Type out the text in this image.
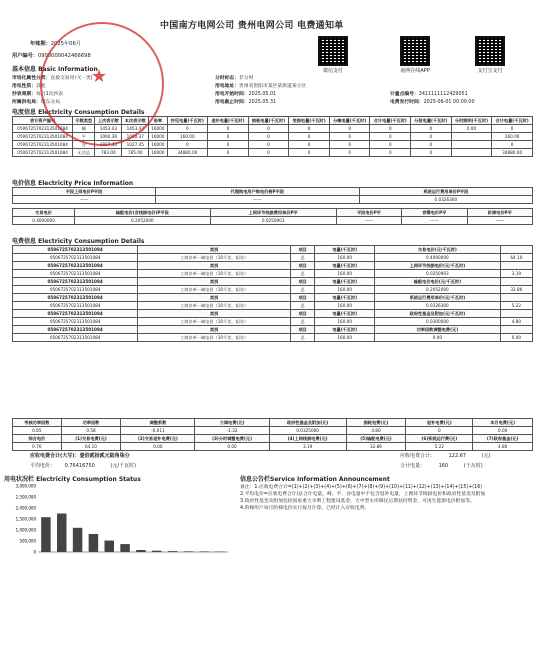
中国南方电网公司 贵州电网公司 电费通知单
年账期：2025年06月
用户编号：0900000042466698
微信支付	南网在线APP	支付宝支付
基本信息 Basic Information
市场化属性分类：直接交易用户(一类)
用电性质：其他
抄表周期：每月1次抄表
所属供电局：城东分局
分时标志：非分时
用电地址：贵州省贵阳市某区某街道某小区
用电开始时间：2025.05.01
用电截止时间：2025.05.31
计量点编号：3411111112429051
电费发行时间：2025-06-01 00:00:00
电度信息 Electricity Consumption Details
表计资产编号	示数类型	上次表示数	本次表示数	倍率	抄见电量(千瓦时)	退补电量(千瓦时)	损耗电量(千瓦时)	变损电量(千瓦时)	分摊电量(千瓦时)	合计电量(千瓦时)	分段电量(千瓦时)	分时照明(千瓦时)	合计电量(千瓦时)
0506725702313501084	峰	1453.43	1453.43	16000	0	0	0	0	0	0	0	0.00	0
0506725702313501084	平	1060.36	1060.37	16000	160.00	0	0	0	0	0	0		160.00
0506725702313501084	谷	1027.45	1027.45	16000	0	0	0	0	0	0	0		0
0506725702313501084	无功总	783.00	785.00	16000	34880.00	0	0	0	0	0	0		34880.00
电价信息 Electricity Price Information
平段上网电价P平段	代理购电用户购电价格P平段	系统运行费用单价P平段
——	——	0.0326300
交易电价	输配电价(含线损电价)P平段	上网环节线损费用单价P平	平段电价P平	容需电价P平	阶梯电价P平
0.4000000	0.2052000	0.0250903	——	——	——
电费信息 Electricity Consumption Details
0506725702313501084	类别	项目	电量(千瓦时)	交易电价(元/千瓦时)	
0506725702313501084	工商业单一制电价（10千伏、阳业）	总	160.00	0.4000000	64.10
0506725702313501084	类别	项目	电量(千瓦时)	上网环节线损电价(元/千瓦时)	
0506725702313501084	工商业单一制电价（10千伏、阳业）	总	160.00	0.0250903	3.19
0506725702313501084	类别	项目	电量(千瓦时)	输配电价电价(元/千瓦时)	
0506725702313501084	工商业单一制电价（10千伏、阳业）	总	160.00	0.2052000	32.86
0506725702313501084	类别	项目	电量(千瓦时)	系统运行费用单价(元/千瓦时)	
0506725702313501084	工商业单一制电价（10千伏、阳业）	总	160.00	0.0326300	5.22
0506725702313501084	类别	项目	电量(千瓦时)	政府性基金及附加(元/千瓦时)	
0506725702313501084	工商业单一制电价（10千伏、阳业）	总	160.00	0.0300000	4.80
0506725702313501084	类别	项目	电量(千瓦时)	功率因数调整电费(元)	
0506725702313501084	工商业单一制电价（10千伏、阳业）	总	160.00	0.00	0.00
考核功率因数	功率因数	调整系数	力调电费(元)	政府性基金及附加(元)	损耗电费(元)	退补电费(元)	本月电费(元)
0.85	0.58	-0.011	-1.32	0.0325000	4.80	0	0.00
综合电价	(1)交易电费(元)	(2)交易退补电费(元)	(3)分时调整电费(元)	(4)上网线损电费(元)	(5)输配电费(元)	(6)系统运行费(元)	(7)政府基金(元)
0.76	64.10	0.00	0.00	3.19	32.86	5.22	4.80
应收电费合计(大写)：壹佰贰拾贰元陆角柒分	应收电费合计：	122.67	(元)
平均电价： 0.76416750	(元/千瓦时)	合计电量：	160	(千瓦时)
用电状况栏 Electricity Consumption Status
3,000,000
2,500,000
2,000,000
1,500,000
1,000,000
500,000
0
信息公告栏Service Information Announcement
备注：1.应收电费合计=(1)+(2)+(3)+(4)+(5)+(6)+(7)+(8)+(9)+(10)+(11)+(12)+(13)+(14)+(15)+(16)
2.平均电价=应收电费合计/总合计电量。峰、平、谷电量中不包含退补电量，上网环节线损电价和政府性基金及附加
3.政府性基金及附加包括国家重大水利工程建设基金、大中型水库移民后期扶持资金、可再生能源电价附加等。
4.阶梯用户每月阶梯电价实行按月计算，已经计入应收电费。
★
